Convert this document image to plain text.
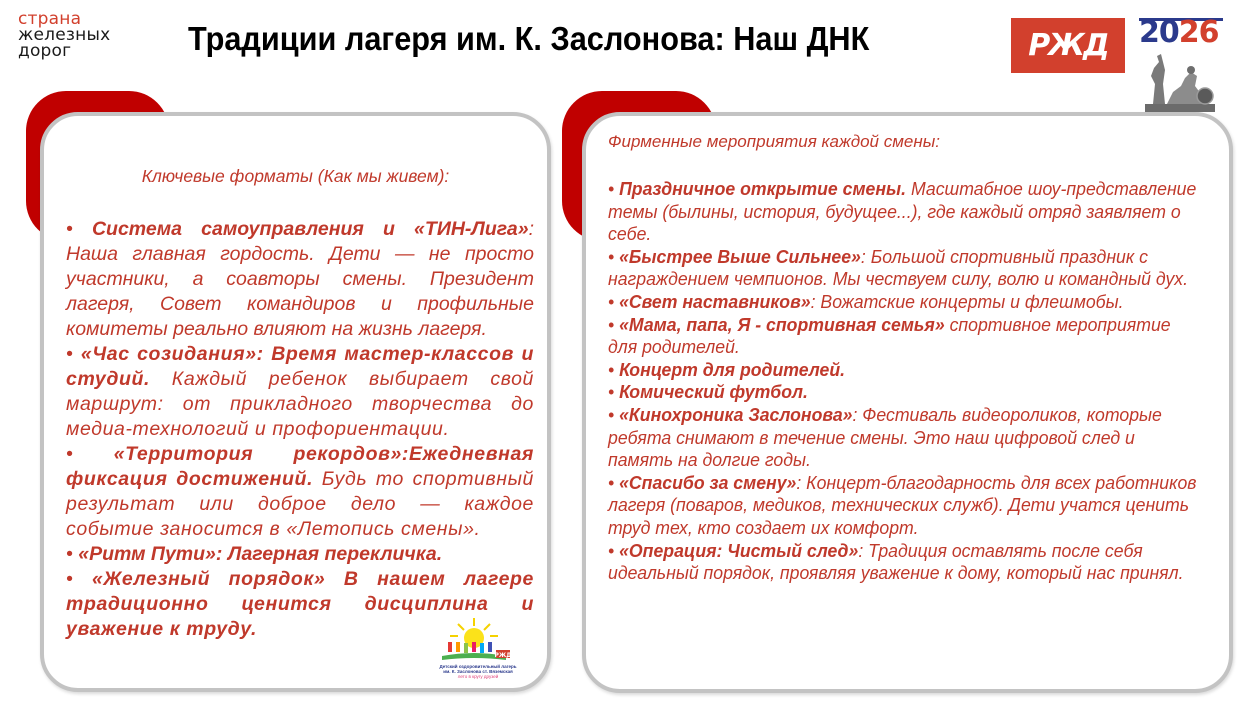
страна
железных
дорог	Традиции лагеря им. К. Заслонова: Наш ДНК	РЖД 2026
Ключевые форматы (Как мы живем):
• Система самоуправления и «ТИН-Лига»: Наша главная гордость. Дети — не просто участники, а соавторы смены. Президент лагеря, Совет командиров и профильные комитеты реально влияют на жизнь лагеря.
• «Час созидания»: Время мастер-классов и студий. Каждый ребенок выбирает свой маршрут: от прикладного творчества до медиа-технологий и профориентации.
• «Территория рекордов»:Ежедневная фиксация достижений. Будь то спортивный результат или доброе дело — каждое событие заносится в «Летопись смены».
• «Ритм Пути»: Лагерная перекличка.
• «Железный порядок» В нашем лагере традиционно ценится дисциплина и уважение к труду.
РЖД
Детский оздоровительный лагерь
им. К. Заслонова ст. Вяземская
лето в кругу друзей
Фирменные мероприятия каждой смены:
• Праздничное открытие смены. Масштабное шоу-представление темы (былины, история, будущее...), где каждый отряд заявляет о себе.
• «Быстрее Выше Сильнее»: Большой спортивный праздник с награждением чемпионов. Мы чествуем силу, волю и командный дух.
• «Свет наставников»: Вожатские концерты и флешмобы.
• «Мама, папа, Я - спортивная семья» спортивное мероприятие для родителей.
• Концерт для родителей.
• Комический футбол.
• «Кинохроника Заслонова»: Фестиваль видеороликов, которые ребята снимают в течение смены. Это наш цифровой след и память на долгие годы.
• «Спасибо за смену»: Концерт-благодарность для всех работников лагеря (поваров, медиков, технических служб). Дети учатся ценить труд тех, кто создает их комфорт.
• «Операция: Чистый след»: Традиция оставлять после себя идеальный порядок, проявляя уважение к дому, который нас принял.
